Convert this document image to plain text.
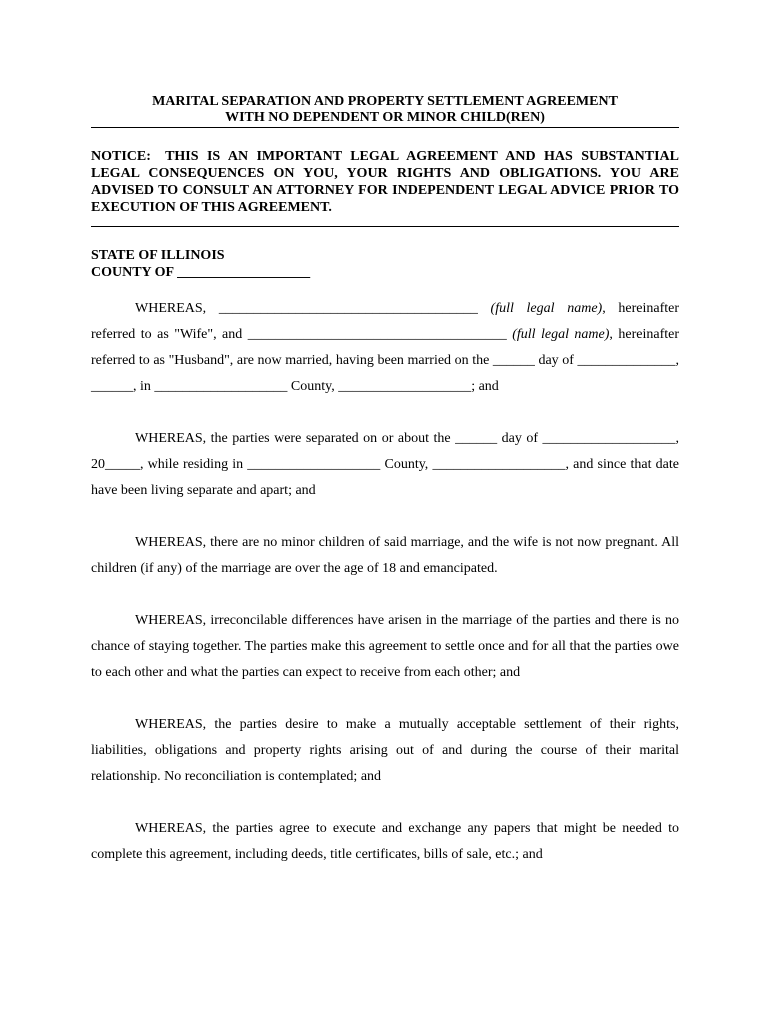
MARITAL SEPARATION AND PROPERTY SETTLEMENT AGREEMENT
WITH NO DEPENDENT OR MINOR CHILD(REN)
NOTICE: THIS IS AN IMPORTANT LEGAL AGREEMENT AND HAS SUBSTANTIAL LEGAL CONSEQUENCES ON YOU, YOUR RIGHTS AND OBLIGATIONS. YOU ARE ADVISED TO CONSULT AN ATTORNEY FOR INDEPENDENT LEGAL ADVICE PRIOR TO EXECUTION OF THIS AGREEMENT.
STATE OF ILLINOIS
COUNTY OF ___________________

WHEREAS, _____________________________________ (full legal name), hereinafter referred to as "Wife", and _____________________________________ (full legal name), hereinafter referred to as "Husband", are now married, having been married on the ______ day of ______________, ______, in ___________________ County, ___________________; and

WHEREAS, the parties were separated on or about the ______ day of ___________________, 20_____, while residing in ___________________ County, ___________________, and since that date have been living separate and apart; and

WHEREAS, there are no minor children of said marriage, and the wife is not now pregnant. All children (if any) of the marriage are over the age of 18 and emancipated.

WHEREAS, irreconcilable differences have arisen in the marriage of the parties and there is no chance of staying together. The parties make this agreement to settle once and for all that the parties owe to each other and what the parties can expect to receive from each other; and

WHEREAS, the parties desire to make a mutually acceptable settlement of their rights, liabilities, obligations and property rights arising out of and during the course of their marital relationship. No reconciliation is contemplated; and

WHEREAS, the parties agree to execute and exchange any papers that might be needed to complete this agreement, including deeds, title certificates, bills of sale, etc.; and
